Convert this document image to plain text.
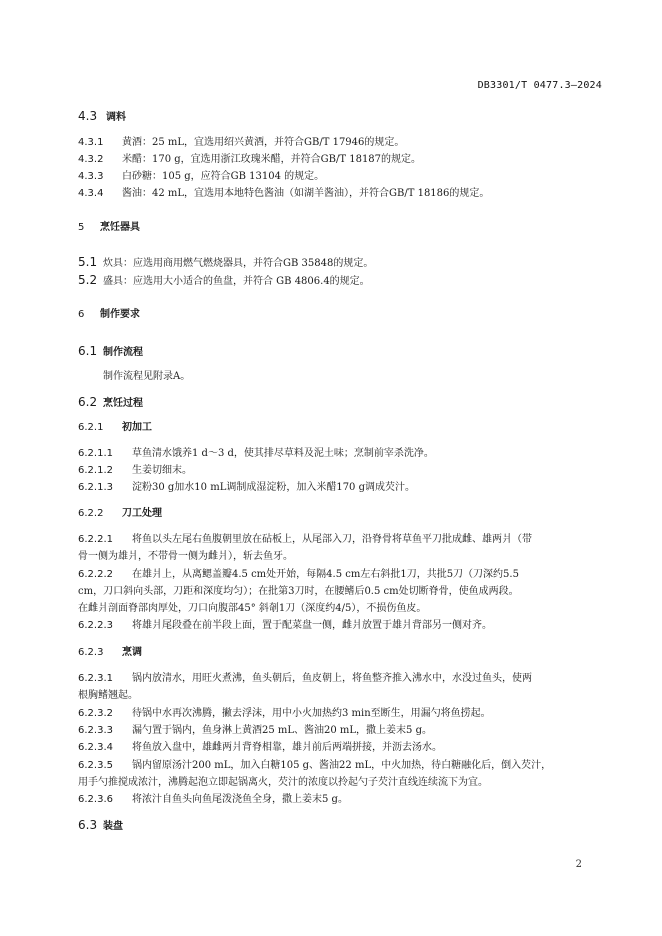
DB3301/T 0477.3—2024
4.3 调料
4.3.1 黄酒：25 mL，宜选用绍兴黄酒，并符合GB/T 17946的规定。
4.3.2 米醋：170 g，宜选用浙江玫瑰米醋，并符合GB/T 18187的规定。
4.3.3 白砂糖：105 g，应符合GB 13104 的规定。
4.3.4 酱油：42 mL，宜选用本地特色酱油（如湖羊酱油），并符合GB/T 18186的规定。
5 烹饪器具
5.1 炊具：应选用商用燃气燃烧器具，并符合GB 35848的规定。
5.2 盛具：应选用大小适合的鱼盘，并符合 GB 4806.4的规定。
6 制作要求
6.1 制作流程
制作流程见附录A。
6.2 烹饪过程
6.2.1 初加工
6.2.1.1 草鱼清水饿养1 d～3 d，使其排尽草料及泥土味；烹制前宰杀洗净。
6.2.1.2 生姜切细末。
6.2.1.3 淀粉30 g加水10 mL调制成湿淀粉，加入米醋170 g调成芡汁。
6.2.2 刀工处理
6.2.2.1 将鱼以头左尾右鱼腹朝里放在砧板上，从尾部入刀，沿脊骨将草鱼平刀批成雌、雄两爿（带
骨一侧为雄爿，不带骨一侧为雌爿），斩去鱼牙。
6.2.2.2 在雄爿上，从离鳃盖瓣4.5 cm处开始，每隔4.5 cm左右斜批1刀，共批5刀（刀深约5.5
cm，刀口斜向头部，刀距和深度均匀）；在批第3刀时，在腰鳍后0.5 cm处切断脊骨，使鱼成两段。
在雌爿剖面脊部肉厚处，刀口向腹部45° 斜剞1刀（深度约4/5），不损伤鱼皮。
6.2.2.3 将雄爿尾段叠在前半段上面，置于配菜盘一侧，雌爿放置于雄爿背部另一侧对齐。
6.2.3 烹调
6.2.3.1 锅内放清水，用旺火煮沸，鱼头朝后，鱼皮朝上，将鱼整齐推入沸水中，水没过鱼头，使两
根胸鳍翘起。
6.2.3.2 待锅中水再次沸腾，撇去浮沫，用中小火加热约3 min至断生，用漏勺将鱼捞起。
6.2.3.3 漏勺置于锅内，鱼身淋上黄酒25 mL、酱油20 mL，撒上姜末5 g。
6.2.3.4 将鱼放入盘中，雄雌两爿背脊相靠，雄爿前后两端拼接，并沥去汤水。
6.2.3.5 锅内留原汤汁200 mL，加入白糖105 g、酱油22 mL，中火加热，待白糖融化后，倒入芡汁，
用手勺推搅成浓汁，沸腾起泡立即起锅离火，芡汁的浓度以拎起勺子芡汁直线连续流下为宜。
6.2.3.6 将浓汁自鱼头向鱼尾泼浇鱼全身，撒上姜末5 g。
6.3 装盘
2
